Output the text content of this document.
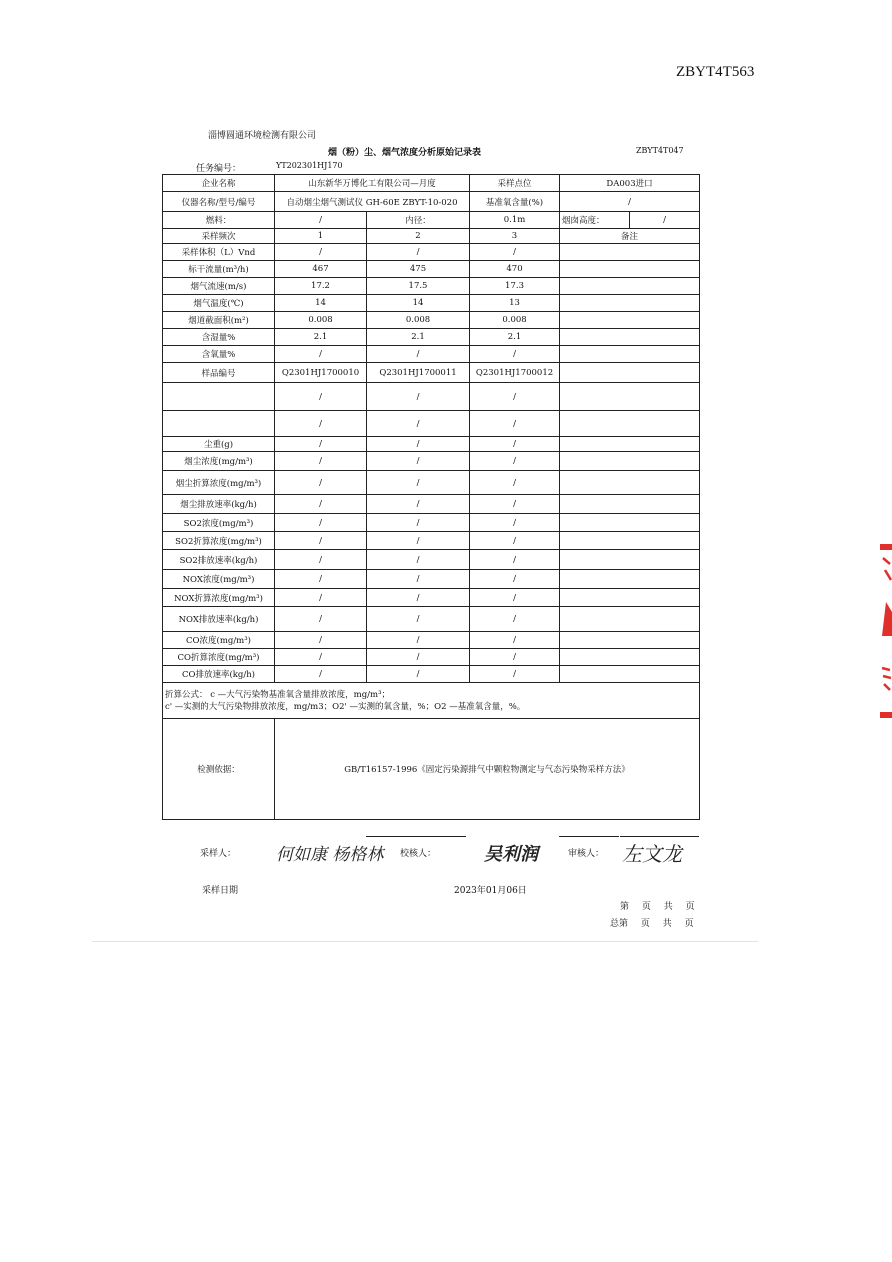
ZBYT4T563
淄博圆通环境检测有限公司
烟（粉）尘、烟气浓度分析原始记录表	ZBYT4T047
任务编号：	YT202301HJ170
企业名称	山东新华万博化工有限公司—月度		采样点位	DA003进口	
仪器名称/型号/编号	自动烟尘烟气测试仪 GH-60E ZBYT-10-020		基准氧含量(%)	/	
燃料：	/	内径：	0.1m	烟囱高度：	/
采样频次	1	2	3	备注	
采样体积（L）Vnd	/	/	/		
标干流量(m³/h)	467	475	470		
烟气流速(m/s)	17.2	17.5	17.3		
烟气温度(℃)	14	14	13		
烟道截面积(m²)	0.008	0.008	0.008		
含湿量%	2.1	2.1	2.1		
含氧量%	/	/	/		
样品编号	Q2301HJ1700010	Q2301HJ1700011	Q2301HJ1700012		
	/	/	/		
	/	/	/		
尘重(g)	/	/	/		
烟尘浓度(mg/m³)	/	/	/		
烟尘折算浓度(mg/m³)	/	/	/		
烟尘排放速率(kg/h)	/	/	/		
SO2浓度(mg/m³)	/	/	/		
SO2折算浓度(mg/m³)	/	/	/		
SO2排放速率(kg/h)	/	/	/		
NOX浓度(mg/m³)	/	/	/		
NOX折算浓度(mg/m³)	/	/	/		
NOX排放速率(kg/h)	/	/	/		
CO浓度(mg/m³)	/	/	/		
CO折算浓度(mg/m³)	/	/	/		
CO排放速率(kg/h)	/	/	/		

折算公式： c —大气污染物基准氧含量排放浓度，mg/m³；
c' —实测的大气污染物排放浓度，mg/m3；O2' —实测的氧含量，%；O2 —基准氧含量，%。					

检测依据：	GB/T16157-1996《固定污染源排气中颗粒物测定与气态污染物采样方法》				
采样人： 何如康 杨格林 校核人：	吴利润	审核人： 左文龙
采样日期	2023年01月06日
第 页 共 页
总第 页 共 页
